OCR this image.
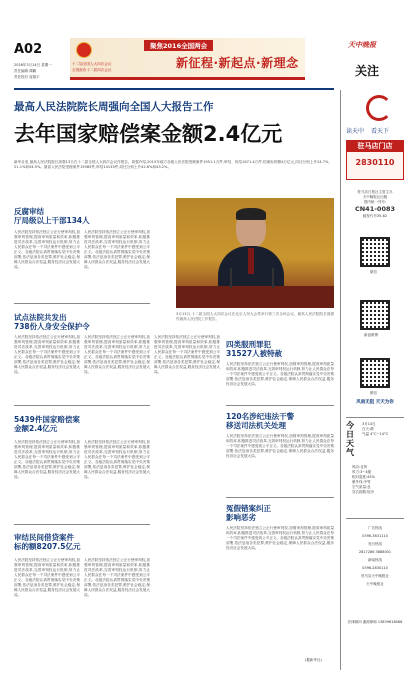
A02
2016年3月14日 星期一
责任编辑 谭鹏
责任校对 庞翔宇
十二届全国人大四次会议
全国政协十二届四次会议
聚焦2016全国两会
新征程·新起点·新理念
天中晚报
关注
最高人民法院院长周强向全国人大报告工作
去年国家赔偿案金额2.4亿元
新华社电 最高人民法院院长周强13日在十二届全国人大四次会议作报告。周强介绍,2015年地方各级人民法院受理案件1951.1万件,审结、执结1671.4万件,结案标的额4万亿元,同比分别上升24.7%、21.1%和54.5%。最高人民法院受理案件15985件,审结14135件,同比分别上升42.6%和43.2%。
反腐审结
厅局级以上干部134人
人民法院坚持依法独立公正行使审判权,加强审判管理,提高审判质量和效率,积极推进司法改革,完善审判权运行机制,努力让人民群众在每一个司法案件中感受到公平正义。各级法院认真贯彻落实党中央决策部署,依法惩治各类犯罪,维护社会稳定,保障人民群众合法权益,服务经济社会发展大局。
人民法院坚持依法独立公正行使审判权,加强审判管理,提高审判质量和效率,积极推进司法改革,完善审判权运行机制,努力让人民群众在每一个司法案件中感受到公平正义。各级法院认真贯彻落实党中央决策部署,依法惩治各类犯罪,维护社会稳定,保障人民群众合法权益,服务经济社会发展大局。
试点法院共发出
738份人身安全保护令
3月13日,十二届全国人大四次会议在北京人民大会堂举行第三次全体会议。最高人民法院院长周强作最高人民法院工作报告。
人民法院坚持依法独立公正行使审判权,加强审判管理,提高审判质量和效率,积极推进司法改革,完善审判权运行机制,努力让人民群众在每一个司法案件中感受到公平正义。各级法院认真贯彻落实党中央决策部署,依法惩治各类犯罪,维护社会稳定,保障人民群众合法权益,服务经济社会发展大局。
人民法院坚持依法独立公正行使审判权,加强审判管理,提高审判质量和效率,积极推进司法改革,完善审判权运行机制,努力让人民群众在每一个司法案件中感受到公平正义。各级法院认真贯彻落实党中央决策部署,依法惩治各类犯罪,维护社会稳定,保障人民群众合法权益,服务经济社会发展大局。
5439件国家赔偿案
金额2.4亿元
人民法院坚持依法独立公正行使审判权,加强审判管理,提高审判质量和效率,积极推进司法改革,完善审判权运行机制,努力让人民群众在每一个司法案件中感受到公平正义。各级法院认真贯彻落实党中央决策部署,依法惩治各类犯罪,维护社会稳定,保障人民群众合法权益,服务经济社会发展大局。
人民法院坚持依法独立公正行使审判权,加强审判管理,提高审判质量和效率,积极推进司法改革,完善审判权运行机制,努力让人民群众在每一个司法案件中感受到公平正义。各级法院认真贯彻落实党中央决策部署,依法惩治各类犯罪,维护社会稳定,保障人民群众合法权益,服务经济社会发展大局。
审结民间借贷案件
标的额8207.5亿元
人民法院坚持依法独立公正行使审判权,加强审判管理,提高审判质量和效率,积极推进司法改革,完善审判权运行机制,努力让人民群众在每一个司法案件中感受到公平正义。各级法院认真贯彻落实党中央决策部署,依法惩治各类犯罪,维护社会稳定,保障人民群众合法权益,服务经济社会发展大局。
人民法院坚持依法独立公正行使审判权,加强审判管理,提高审判质量和效率,积极推进司法改革,完善审判权运行机制,努力让人民群众在每一个司法案件中感受到公平正义。各级法院认真贯彻落实党中央决策部署,依法惩治各类犯罪,维护社会稳定,保障人民群众合法权益,服务经济社会发展大局。
人民法院坚持依法独立公正行使审判权,加强审判管理,提高审判质量和效率,积极推进司法改革,完善审判权运行机制,努力让人民群众在每一个司法案件中感受到公平正义。各级法院认真贯彻落实党中央决策部署,依法惩治各类犯罪,维护社会稳定,保障人民群众合法权益,服务经济社会发展大局。
四类服刑罪犯
31527人被特赦
人民法院坚持依法独立公正行使审判权,加强审判管理,提高审判质量和效率,积极推进司法改革,完善审判权运行机制,努力让人民群众在每一个司法案件中感受到公平正义。各级法院认真贯彻落实党中央决策部署,依法惩治各类犯罪,维护社会稳定,保障人民群众合法权益,服务经济社会发展大局。
120名涉纪违法干警
移送司法机关处理
人民法院坚持依法独立公正行使审判权,加强审判管理,提高审判质量和效率,积极推进司法改革,完善审判权运行机制,努力让人民群众在每一个司法案件中感受到公平正义。各级法院认真贯彻落实党中央决策部署,依法惩治各类犯罪,维护社会稳定,保障人民群众合法权益,服务经济社会发展大局。
冤假错案纠正
影响恶劣
人民法院坚持依法独立公正行使审判权,加强审判管理,提高审判质量和效率,积极推进司法改革,完善审判权运行机制,努力让人民群众在每一个司法案件中感受到公平正义。各级法院认真贯彻落实党中央决策部署,依法惩治各类犯罪,维护社会稳定,保障人民群众合法权益,服务经济社会发展大局。
(据新华社)
读天中 看天下
驻马店门店
2830110
驻马店日报社主管主办
天中晚报社出版
国内统一刊号:
CN41-0083
邮发代号35-62
微信
新浪微博
微信
风雨无阻 天天为你
今日天气
3月14日
白天:晴
气温 4°C~14°C
风向:北风
风力:3~4级
相对湿度:45%
紫外线:中等
空气质量:良
穿衣指数:较冷
广告热线
0396-3831110
发行热线
2817286 3888001
新闻热线
0396-2830110
驻马店天中晚报社
天中晚报社
法律顾问 谢源律师 13839618066
